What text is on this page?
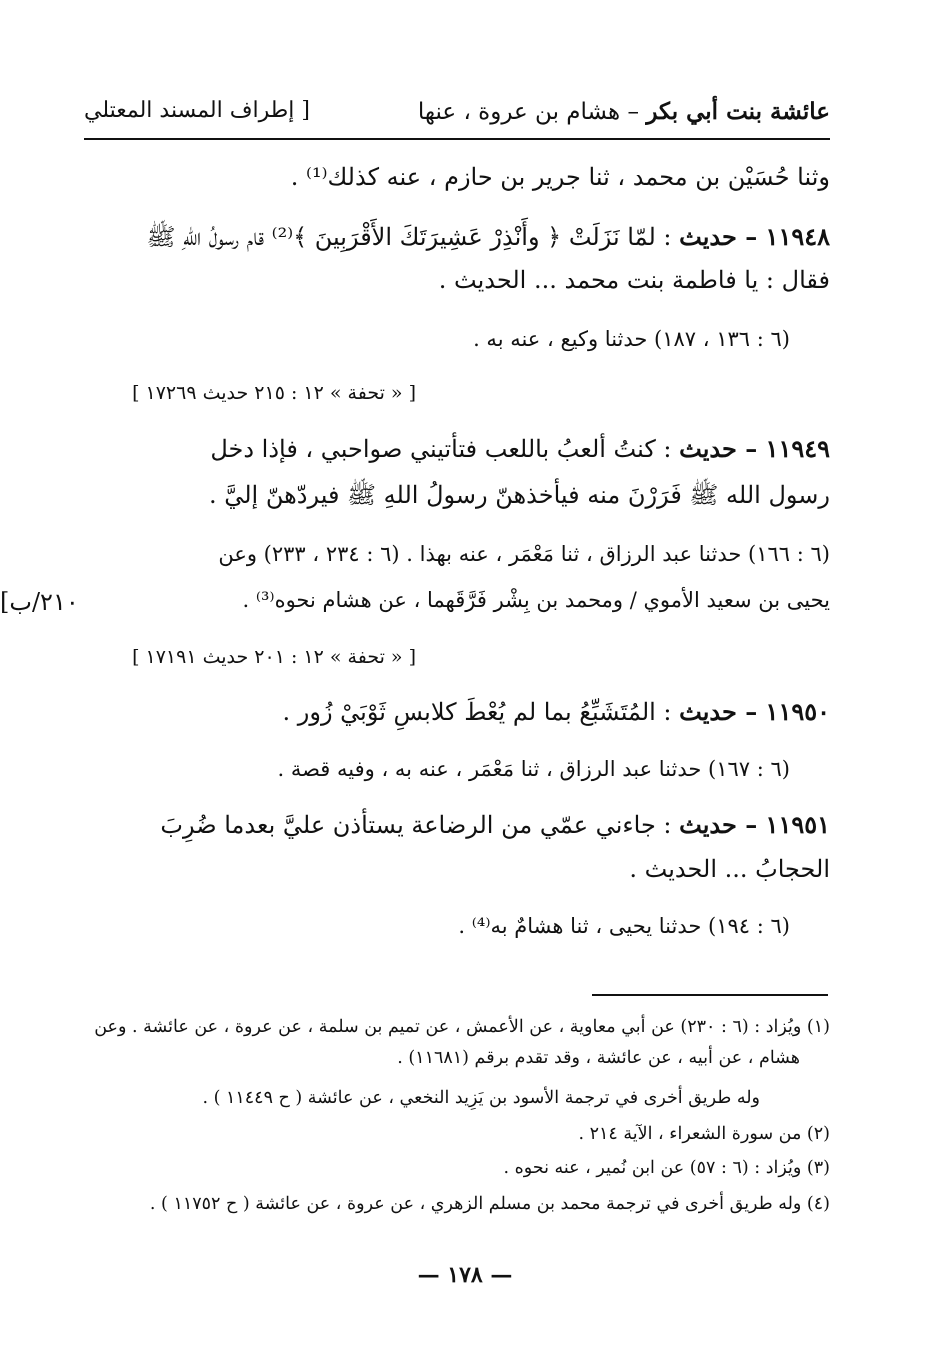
عائشة بنت أبي بكر – هشام بن عروة ، عنها
[ إطراف المسند المعتلي
وثنا حُسَيْن بن محمد ، ثنا جرير بن حازم ، عنه كذلك⁽¹⁾ .
١١٩٤٨ – حديث : لمّا نَزَلَتْ ﴿ وأَنْذِرْ عَشِيرَتَكَ الأَقْرَبِينَ ﴾⁽²⁾ قام رسولُ اللهِ ﷺ
فقال : يا فاطمة بنت محمد ... الحديث .
(٦ : ١٣٦ ، ١٨٧) حدثنا وكيع ، عنه به .
[ « تحفة » ١٢ : ٢١٥ حديث ١٧٢٦٩ ]
١١٩٤٩ – حديث : كنتُ ألعبُ باللعب فتأتيني صواحبي ، فإذا دخل
رسول الله ﷺ فَرَرْنَ منه فيأخذهنّ رسولُ اللهِ ﷺ فيردّهنّ إليَّ .
(٦ : ١٦٦) حدثنا عبد الرزاق ، ثنا مَعْمَر ، عنه بهذا . (٦ : ٢٣٤ ، ٢٣٣) وعن
يحيى بن سعيد الأموي / ومحمد بن بِشْر فَرَّقَهما ، عن هشام نحوه⁽³⁾ .
٢١٠/ب]
[ « تحفة » ١٢ : ٢٠١ حديث ١٧١٩١ ]
١١٩٥٠ – حديث : المُتَشَبِّعُ بما لم يُعْطَ كلابسِ ثَوْبَيْ زُور .
(٦ : ١٦٧) حدثنا عبد الرزاق ، ثنا مَعْمَر ، عنه به ، وفيه قصة .
١١٩٥١ – حديث : جاءني عمّي من الرضاعة يستأذن عليَّ بعدما ضُرِبَ
الحجابُ ... الحديث .
(٦ : ١٩٤) حدثنا يحيى ، ثنا هشامٌ به⁽⁴⁾ .
(١) ويُزاد : (٦ : ٢٣٠) عن أبي معاوية ، عن الأعمش ، عن تميم بن سلمة ، عن عروة ، عن عائشة . وعن
هشام ، عن أبيه ، عن عائشة ، وقد تقدم برقم (١١٦٨١) .
وله طريق أخرى في ترجمة الأسود بن يَزِيد النخعي ، عن عائشة ( ح ١١٤٤٩ ) .
(٢) من سورة الشعراء ، الآية ٢١٤ .
(٣) ويُزاد : (٦ : ٥٧) عن ابن نُمير ، عنه نحوه .
(٤) وله طريق أخرى في ترجمة محمد بن مسلم الزهري ، عن عروة ، عن عائشة ( ح ١١٧٥٢ ) .
— ١٧٨ —
